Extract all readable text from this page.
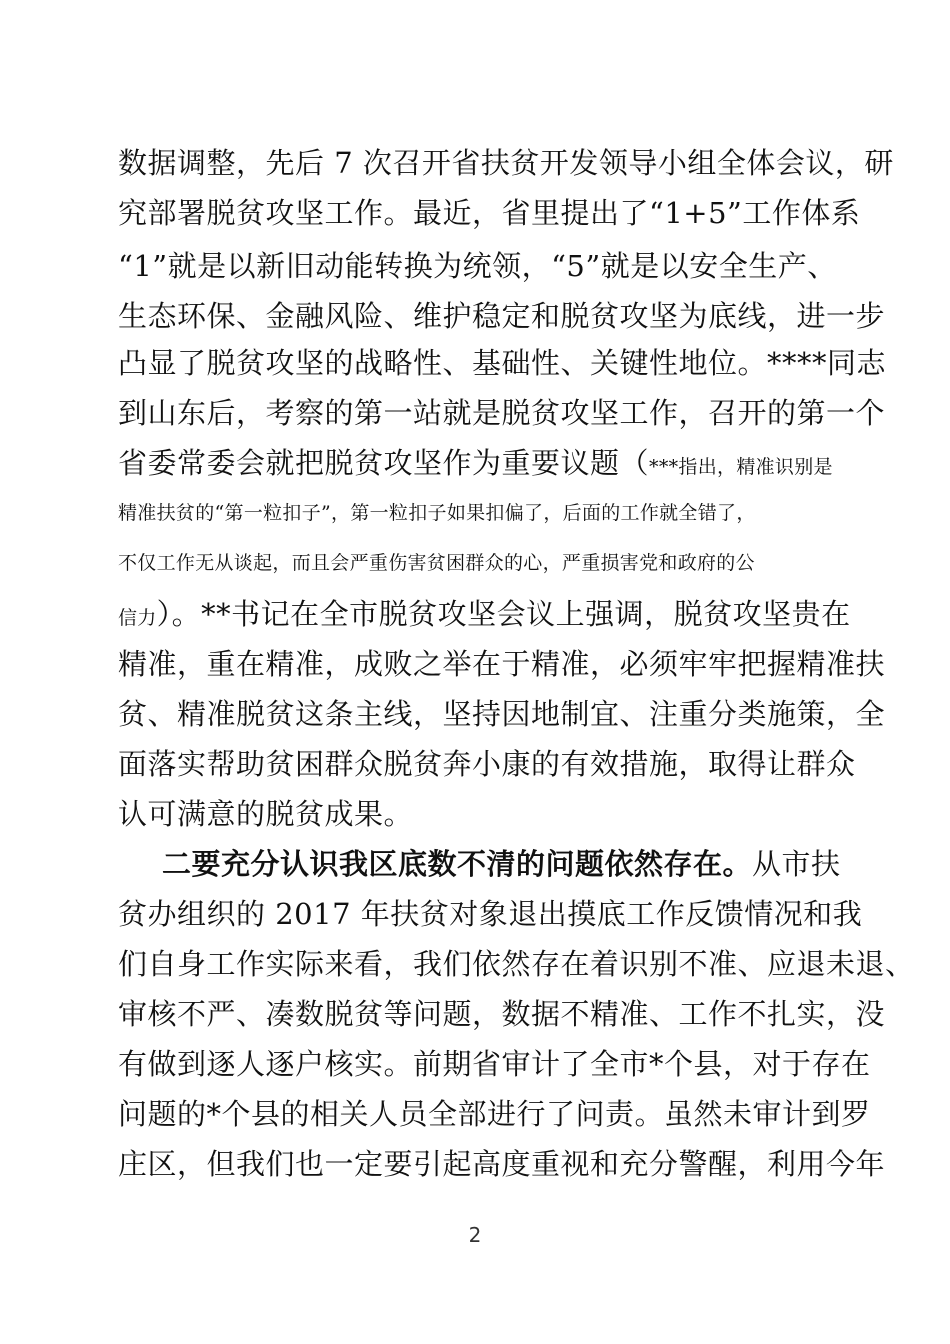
数据调整，先后 7 次召开省扶贫开发领导小组全体会议，研
究部署脱贫攻坚工作。最近，省里提出了“1+5”工作体系
“1”就是以新旧动能转换为统领，“5”就是以安全生产、
生态环保、金融风险、维护稳定和脱贫攻坚为底线，进一步
凸显了脱贫攻坚的战略性、基础性、关键性地位。****同志
到山东后，考察的第一站就是脱贫攻坚工作，召开的第一个
省委常委会就把脱贫攻坚作为重要议题（***指出，精准识别是
精准扶贫的“第一粒扣子”，第一粒扣子如果扣偏了，后面的工作就全错了，
不仅工作无从谈起，而且会严重伤害贫困群众的心，严重损害党和政府的公
信力）。**书记在全市脱贫攻坚会议上强调，脱贫攻坚贵在
精准，重在精准，成败之举在于精准，必须牢牢把握精准扶
贫、精准脱贫这条主线，坚持因地制宜、注重分类施策，全
面落实帮助贫困群众脱贫奔小康的有效措施，取得让群众
认可满意的脱贫成果。
二要充分认识我区底数不清的问题依然存在。从市扶
贫办组织的 2017 年扶贫对象退出摸底工作反馈情况和我
们自身工作实际来看，我们依然存在着识别不准、应退未退、
审核不严、凑数脱贫等问题，数据不精准、工作不扎实，没
有做到逐人逐户核实。前期省审计了全市*个县，对于存在
问题的*个县的相关人员全部进行了问责。虽然未审计到罗
庄区，但我们也一定要引起高度重视和充分警醒，利用今年
2
